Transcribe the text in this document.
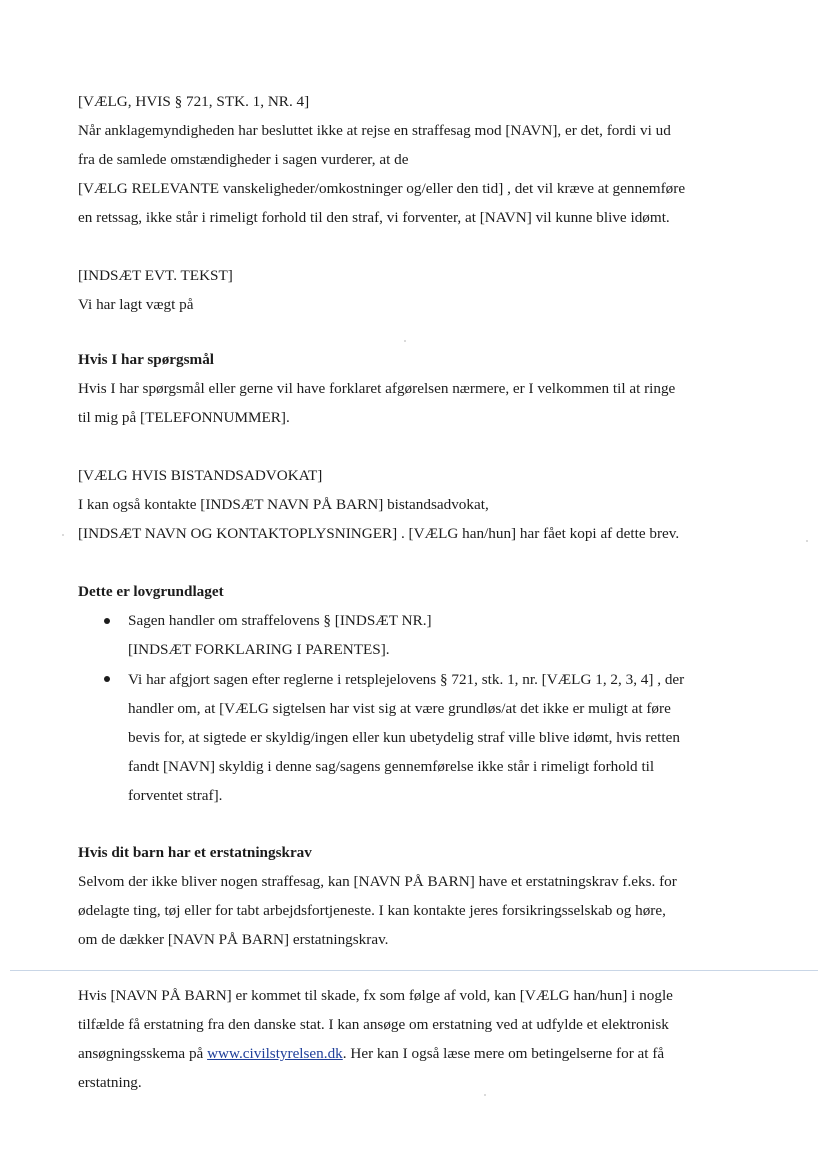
[VÆLG, HVIS § 721, STK. 1, NR. 4]

Når anklagemyndigheden har besluttet ikke at rejse en straffesag mod [NAVN], er det, fordi vi ud

fra de samlede omstændigheder i sagen vurderer, at de

[VÆLG RELEVANTE vanskeligheder/omkostninger og/eller den tid] , det vil kræve at gennemføre

en retssag, ikke står i rimeligt forhold til den straf, vi forventer, at [NAVN] vil kunne blive idømt.

[INDSÆT EVT. TEKST]

Vi har lagt vægt på

Hvis I har spørgsmål

Hvis I har spørgsmål eller gerne vil have forklaret afgørelsen nærmere, er I velkommen til at ringe

til mig på [TELEFONNUMMER].

[VÆLG HVIS BISTANDSADVOKAT]

I kan også kontakte [INDSÆT NAVN PÅ BARN] bistandsadvokat,

[INDSÆT NAVN OG KONTAKTOPLYSNINGER] . [VÆLG han/hun] har fået kopi af dette brev.

Dette er lovgrundlaget

Sagen handler om straffelovens § [INDSÆT NR.]

[INDSÆT FORKLARING I PARENTES].

Vi har afgjort sagen efter reglerne i retsplejelovens § 721, stk. 1, nr. [VÆLG 1, 2, 3, 4] , der

handler om, at [VÆLG sigtelsen har vist sig at være grundløs/at det ikke er muligt at føre

bevis for, at sigtede er skyldig/ingen eller kun ubetydelig straf ville blive idømt, hvis retten

fandt [NAVN] skyldig i denne sag/sagens gennemførelse ikke står i rimeligt forhold til

forventet straf].

Hvis dit barn har et erstatningskrav

Selvom der ikke bliver nogen straffesag, kan [NAVN PÅ BARN] have et erstatningskrav f.eks. for

ødelagte ting, tøj eller for tabt arbejdsfortjeneste. I kan kontakte jeres forsikringsselskab og høre,

om de dækker [NAVN PÅ BARN] erstatningskrav.

Hvis [NAVN PÅ BARN] er kommet til skade, fx som følge af vold, kan [VÆLG han/hun] i nogle

tilfælde få erstatning fra den danske stat. I kan ansøge om erstatning ved at udfylde et elektronisk

ansøgningsskema på www.civilstyrelsen.dk. Her kan I også læse mere om betingelserne for at få

erstatning.
